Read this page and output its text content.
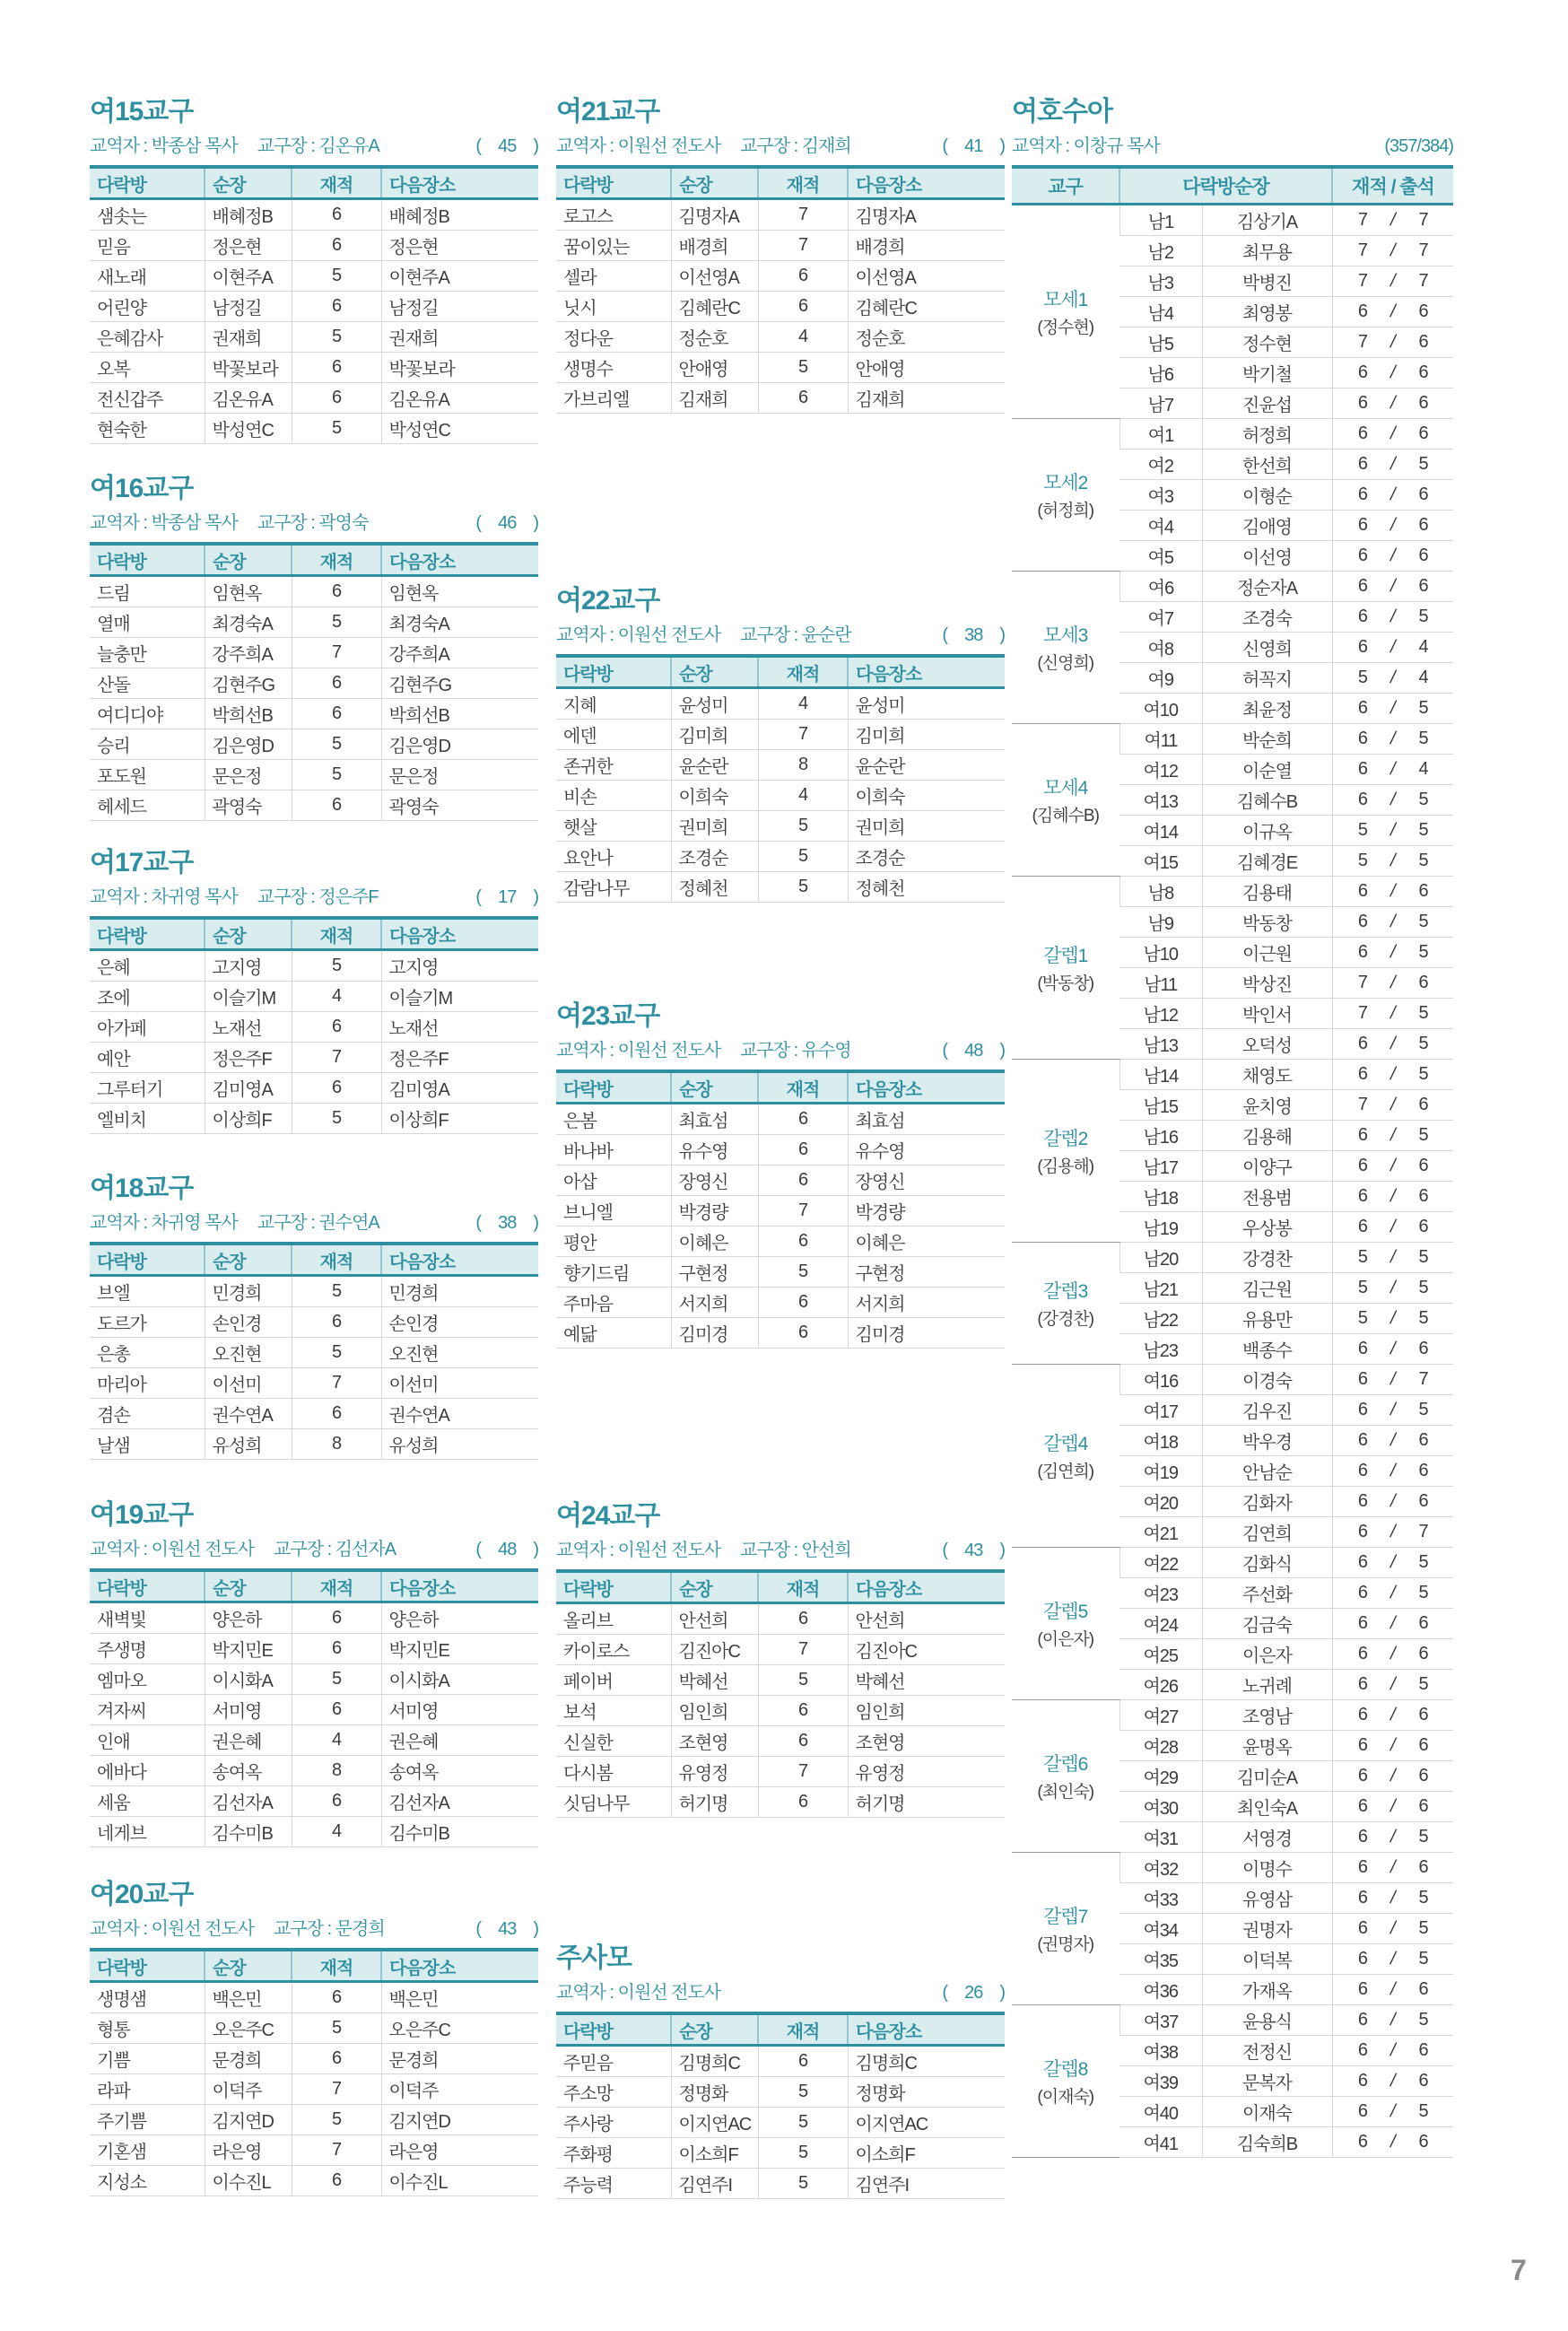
여15교구
교역자 : 박종삼 목사 교구장 : 김온유A	( 45 )
다락방	순장	재적	다음장소
샘솟는	배혜정B	6	배혜정B
믿음	정은현	6	정은현
새노래	이현주A	5	이현주A
어린양	남정길	6	남정길
은혜감사	권재희	5	권재희
오복	박꽃보라	6	박꽃보라
전신갑주	김온유A	6	김온유A
현숙한	박성연C	5	박성연C
여16교구
교역자 : 박종삼 목사 교구장 : 곽영숙	( 46 )
다락방	순장	재적	다음장소
드림	임현옥	6	임현옥
열매	최경숙A	5	최경숙A
늘충만	강주희A	7	강주희A
산돌	김현주G	6	김현주G
여디디야	박희선B	6	박희선B
승리	김은영D	5	김은영D
포도원	문은정	5	문은정
헤세드	곽영숙	6	곽영숙
여17교구
교역자 : 차귀영 목사 교구장 : 정은주F	( 17 )
다락방	순장	재적	다음장소
은혜	고지영	5	고지영
조에	이슬기M	4	이슬기M
아가페	노재선	6	노재선
예안	정은주F	7	정은주F
그루터기	김미영A	6	김미영A
엘비치	이상희F	5	이상희F
여18교구
교역자 : 차귀영 목사 교구장 : 권수연A	( 38 )
다락방	순장	재적	다음장소
브엘	민경희	5	민경희
도르가	손인경	6	손인경
은총	오진현	5	오진현
마리아	이선미	7	이선미
겸손	권수연A	6	권수연A
날샘	유성희	8	유성희
여19교구
교역자 : 이원선 전도사 교구장 : 김선자A	( 48 )
다락방	순장	재적	다음장소
새벽빛	양은하	6	양은하
주생명	박지민E	6	박지민E
엠마오	이시화A	5	이시화A
겨자씨	서미영	6	서미영
인애	권은혜	4	권은혜
에바다	송여옥	8	송여옥
세움	김선자A	6	김선자A
네게브	김수미B	4	김수미B
여20교구
교역자 : 이원선 전도사 교구장 : 문경희	( 43 )
다락방	순장	재적	다음장소
생명샘	백은민	6	백은민
형통	오은주C	5	오은주C
기쁨	문경희	6	문경희
라파	이덕주	7	이덕주
주기쁨	김지연D	5	김지연D
기혼샘	라은영	7	라은영
지성소	이수진L	6	이수진L
여21교구
교역자 : 이원선 전도사 교구장 : 김재희	( 41 )
다락방	순장	재적	다음장소
로고스	김명자A	7	김명자A
꿈이있는	배경희	7	배경희
셀라	이선영A	6	이선영A
닛시	김혜란C	6	김혜란C
정다운	정순호	4	정순호
생명수	안애영	5	안애영
가브리엘	김재희	6	김재희
여22교구
교역자 : 이원선 전도사 교구장 : 윤순란	( 38 )
다락방	순장	재적	다음장소
지혜	윤성미	4	윤성미
에덴	김미희	7	김미희
존귀한	윤순란	8	윤순란
비손	이희숙	4	이희숙
햇살	권미희	5	권미희
요안나	조경순	5	조경순
감람나무	정혜천	5	정혜천
여23교구
교역자 : 이원선 전도사 교구장 : 유수영	( 48 )
다락방	순장	재적	다음장소
은봄	최효섬	6	최효섬
바나바	유수영	6	유수영
아삽	장영신	6	장영신
브니엘	박경량	7	박경량
평안	이혜은	6	이혜은
향기드림	구현정	5	구현정
주마음	서지희	6	서지희
예닮	김미경	6	김미경
여24교구
교역자 : 이원선 전도사 교구장 : 안선희	( 43 )
다락방	순장	재적	다음장소
올리브	안선희	6	안선희
카이로스	김진아C	7	김진아C
페이버	박혜선	5	박혜선
보석	임인희	6	임인희
신실한	조현영	6	조현영
다시봄	유영정	7	유영정
싯딤나무	허기명	6	허기명
주사모
교역자 : 이원선 전도사	( 26 )
다락방	순장	재적	다음장소
주믿음	김명희C	6	김명희C
주소망	정명화	5	정명화
주사랑	이지연AC	5	이지연AC
주화평	이소희F	5	이소희F
주능력	김연주I	5	김연주I
여호수아
교역자 : 이창규 목사	(357/384)
교구	다락방순장		재적 / 출석

모세1
(정수현)
	남1	김상기A	7 / 7

	남2	최무용	7 / 7

	남3	박병진	7 / 7

	남4	최영봉	6 / 6

	남5	정수현	7 / 6

	남6	박기철	6 / 6

	남7	진윤섭	6 / 6

모세2
(허정희)
	여1	허정희	6 / 6

	여2	한선희	6 / 5

	여3	이형순	6 / 6

	여4	김애영	6 / 6

	여5	이선영	6 / 6

모세3
(신영희)
	여6	정순자A	6 / 6

	여7	조경숙	6 / 5

	여8	신영희	6 / 4

	여9	허꼭지	5 / 4

	여10	최윤정	6 / 5

모세4
(김혜수B)
	여11	박순희	6 / 5

	여12	이순열	6 / 4

	여13	김혜수B	6 / 5

	여14	이규옥	5 / 5

	여15	김혜경E	5 / 5

갈렙1
(박동창)
	남8	김용태	6 / 6

	남9	박동창	6 / 5

	남10	이근원	6 / 5

	남11	박상진	7 / 6

	남12	박인서	7 / 5

	남13	오덕성	6 / 5

갈렙2
(김용해)
	남14	채영도	6 / 5

	남15	윤치영	7 / 6

	남16	김용해	6 / 5

	남17	이양구	6 / 6

	남18	전용범	6 / 6

	남19	우상봉	6 / 6

갈렙3
(강경찬)
	남20	강경찬	5 / 5

	남21	김근원	5 / 5

	남22	유용만	5 / 5

	남23	백종수	6 / 6

갈렙4
(김연희)
	여16	이경숙	6 / 7

	여17	김우진	6 / 5

	여18	박우경	6 / 6

	여19	안남순	6 / 6

	여20	김화자	6 / 6

	여21	김연희	6 / 7

갈렙5
(이은자)
	여22	김화식	6 / 5

	여23	주선화	6 / 5

	여24	김금숙	6 / 6

	여25	이은자	6 / 6

	여26	노귀례	6 / 5

갈렙6
(최인숙)
	여27	조영남	6 / 6

	여28	윤명옥	6 / 6

	여29	김미순A	6 / 6

	여30	최인숙A	6 / 6

	여31	서영경	6 / 5

갈렙7
(권명자)
	여32	이명수	6 / 6

	여33	유영삼	6 / 5

	여34	권명자	6 / 5

	여35	이덕복	6 / 5

	여36	가재옥	6 / 6

갈렙8
(이재숙)
	여37	윤용식	6 / 5

	여38	전정신	6 / 6

	여39	문복자	6 / 6

	여40	이재숙	6 / 5

	여41	김숙희B	6 / 6
7
